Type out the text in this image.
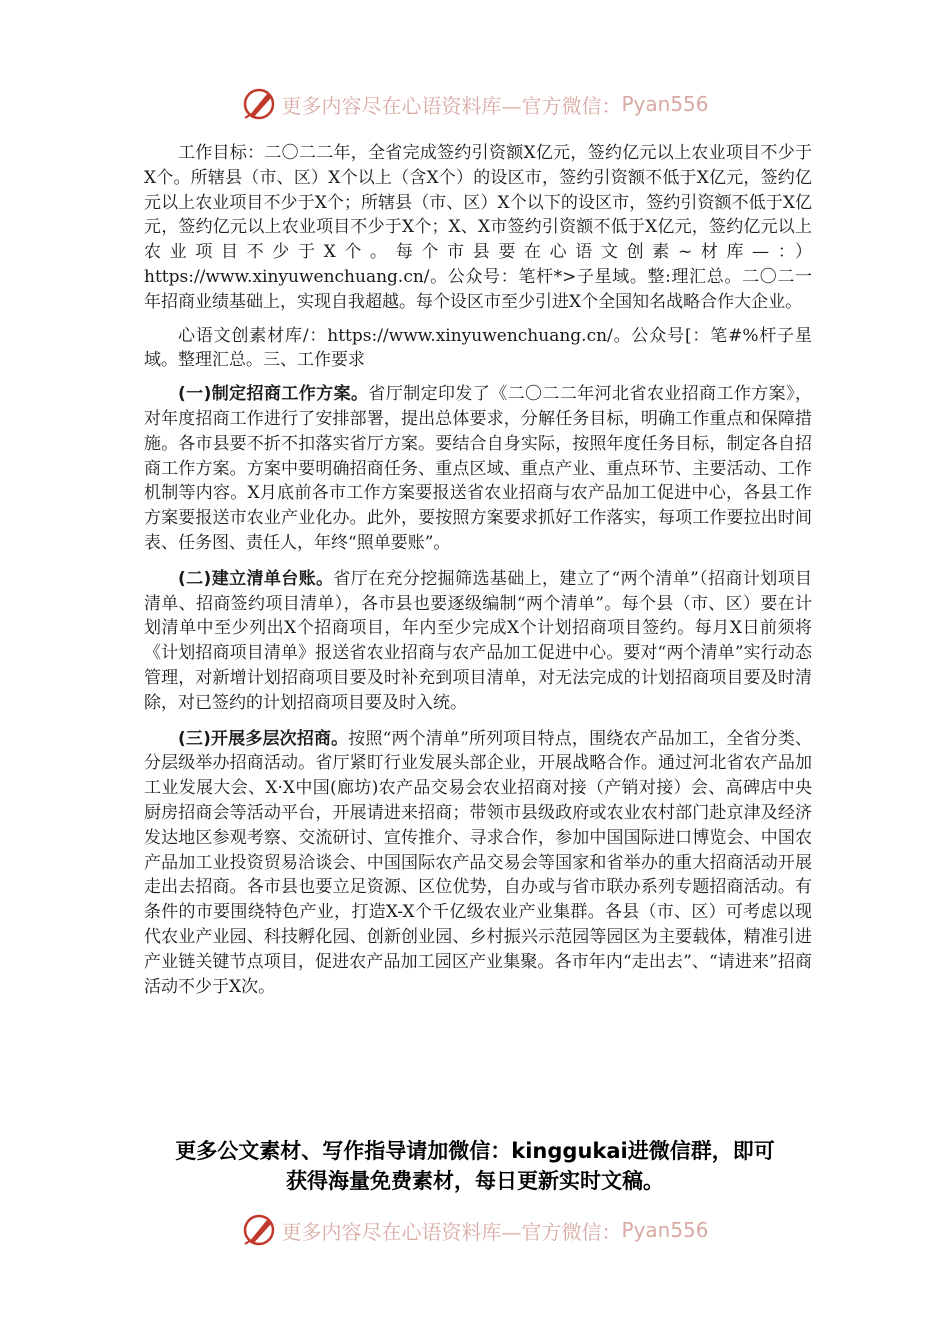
更多内容尽在心语资料库—官方微信： Pyan556

工作目标：二〇二二年，全省完成签约引资额X亿元，签约亿元以上农业项目不少于X个。所辖县（市、区）X个以上（含X个）的设区市，签约引资额不低于X亿元，签约亿元以上农业项目不少于X个；所辖县（市、区）X个以下的设区市，签约引资额不低于X亿元，签约亿元以上农业项目不少于X个；X、X市签约引资额不低于X亿元，签约亿元以上农业项目不少于X个。每个市县要在心语文创素~材库—：）https://www.xinyuwenchuang.cn/。公众号：笔杆*>子星域。整:理汇总。二〇二一年招商业绩基础上，实现自我超越。每个设区市至少引进X个全国知名战略合作大企业。

心语文创素材库/：https://www.xinyuwenchuang.cn/。公众号[：笔#%杆子星域。整理汇总。三、工作要求

(一)制定招商工作方案。省厅制定印发了《二〇二二年河北省农业招商工作方案》，对年度招商工作进行了安排部署，提出总体要求，分解任务目标，明确工作重点和保障措施。各市县要不折不扣落实省厅方案。要结合自身实际，按照年度任务目标，制定各自招商工作方案。方案中要明确招商任务、重点区域、重点产业、重点环节、主要活动、工作机制等内容。X月底前各市工作方案要报送省农业招商与农产品加工促进中心，各县工作方案要报送市农业产业化办。此外，要按照方案要求抓好工作落实，每项工作要拉出时间表、任务图、责任人，年终“照单要账”。

(二)建立清单台账。省厅在充分挖掘筛选基础上，建立了“两个清单”（招商计划项目清单、招商签约项目清单），各市县也要逐级编制“两个清单”。每个县（市、区）要在计划清单中至少列出X个招商项目，年内至少完成X个计划招商项目签约。每月X日前须将《计划招商项目清单》报送省农业招商与农产品加工促进中心。要对“两个清单”实行动态管理，对新增计划招商项目要及时补充到项目清单，对无法完成的计划招商项目要及时清除，对已签约的计划招商项目要及时入统。

(三)开展多层次招商。按照“两个清单”所列项目特点，围绕农产品加工，全省分类、分层级举办招商活动。省厅紧盯行业发展头部企业，开展战略合作。通过河北省农产品加工业发展大会、X·X中国(廊坊)农产品交易会农业招商对接（产销对接）会、高碑店中央厨房招商会等活动平台，开展请进来招商；带领市县级政府或农业农村部门赴京津及经济发达地区参观考察、交流研讨、宣传推介、寻求合作，参加中国国际进口博览会、中国农产品加工业投资贸易洽谈会、中国国际农产品交易会等国家和省举办的重大招商活动开展走出去招商。各市县也要立足资源、区位优势，自办或与省市联办系列专题招商活动。有条件的市要围绕特色产业，打造X-X个千亿级农业产业集群。各县（市、区）可考虑以现代农业产业园、科技孵化园、创新创业园、乡村振兴示范园等园区为主要载体，精准引进产业链关键节点项目，促进农产品加工园区产业集聚。各市年内“走出去”、“请进来”招商活动不少于X次。

更多公文素材、写作指导请加微信：kinggukai进微信群，即可
获得海量免费素材，每日更新实时文稿。
更多内容尽在心语资料库—官方微信： Pyan556
